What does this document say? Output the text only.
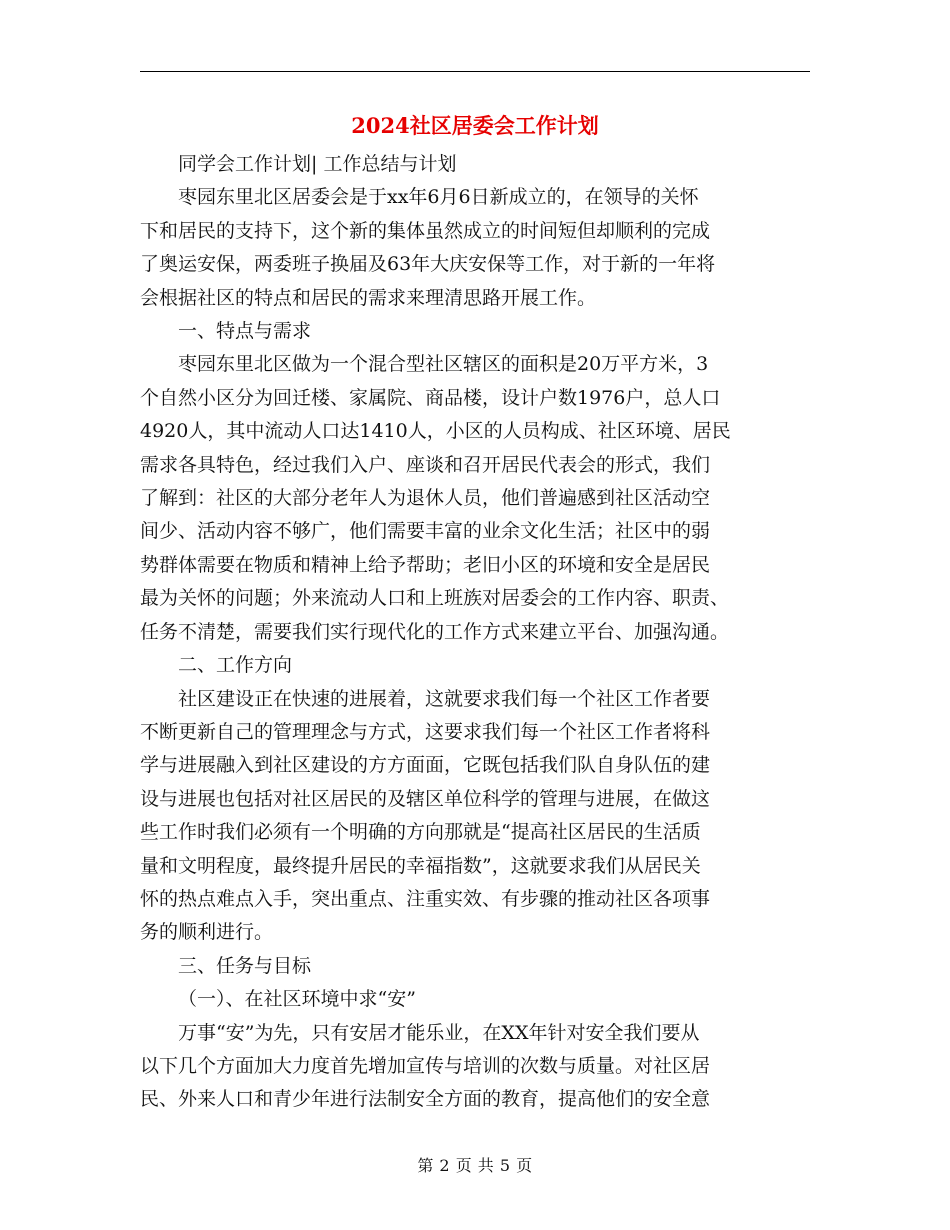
2024社区居委会工作计划

同学会工作计划| 工作总结与计划

枣园东里北区居委会是于xx年6月6日新成立的，在领导的关怀
下和居民的支持下，这个新的集体虽然成立的时间短但却顺利的完成
了奥运安保，两委班子换届及63年大庆安保等工作，对于新的一年将
会根据社区的特点和居民的需求来理清思路开展工作。

一、特点与需求

枣园东里北区做为一个混合型社区辖区的面积是20万平方米，3
个自然小区分为回迁楼、家属院、商品楼，设计户数1976户，总人口
4920人，其中流动人口达1410人，小区的人员构成、社区环境、居民
需求各具特色，经过我们入户、座谈和召开居民代表会的形式，我们
了解到：社区的大部分老年人为退休人员，他们普遍感到社区活动空
间少、活动内容不够广，他们需要丰富的业余文化生活；社区中的弱
势群体需要在物质和精神上给予帮助；老旧小区的环境和安全是居民
最为关怀的问题；外来流动人口和上班族对居委会的工作内容、职责、
任务不清楚，需要我们实行现代化的工作方式来建立平台、加强沟通。

二、工作方向

社区建设正在快速的进展着，这就要求我们每一个社区工作者要
不断更新自己的管理理念与方式，这要求我们每一个社区工作者将科
学与进展融入到社区建设的方方面面，它既包括我们队自身队伍的建
设与进展也包括对社区居民的及辖区单位科学的管理与进展，在做这
些工作时我们必须有一个明确的方向那就是“提高社区居民的生活质
量和文明程度，最终提升居民的幸福指数”，这就要求我们从居民关
怀的热点难点入手，突出重点、注重实效、有步骤的推动社区各项事
务的顺利进行。

三、任务与目标

（一）、在社区环境中求“安”

万事“安”为先，只有安居才能乐业，在XX年针对安全我们要从
以下几个方面加大力度首先增加宣传与培训的次数与质量。对社区居
民、外来人口和青少年进行法制安全方面的教育，提高他们的安全意

第 2 页 共 5 页
